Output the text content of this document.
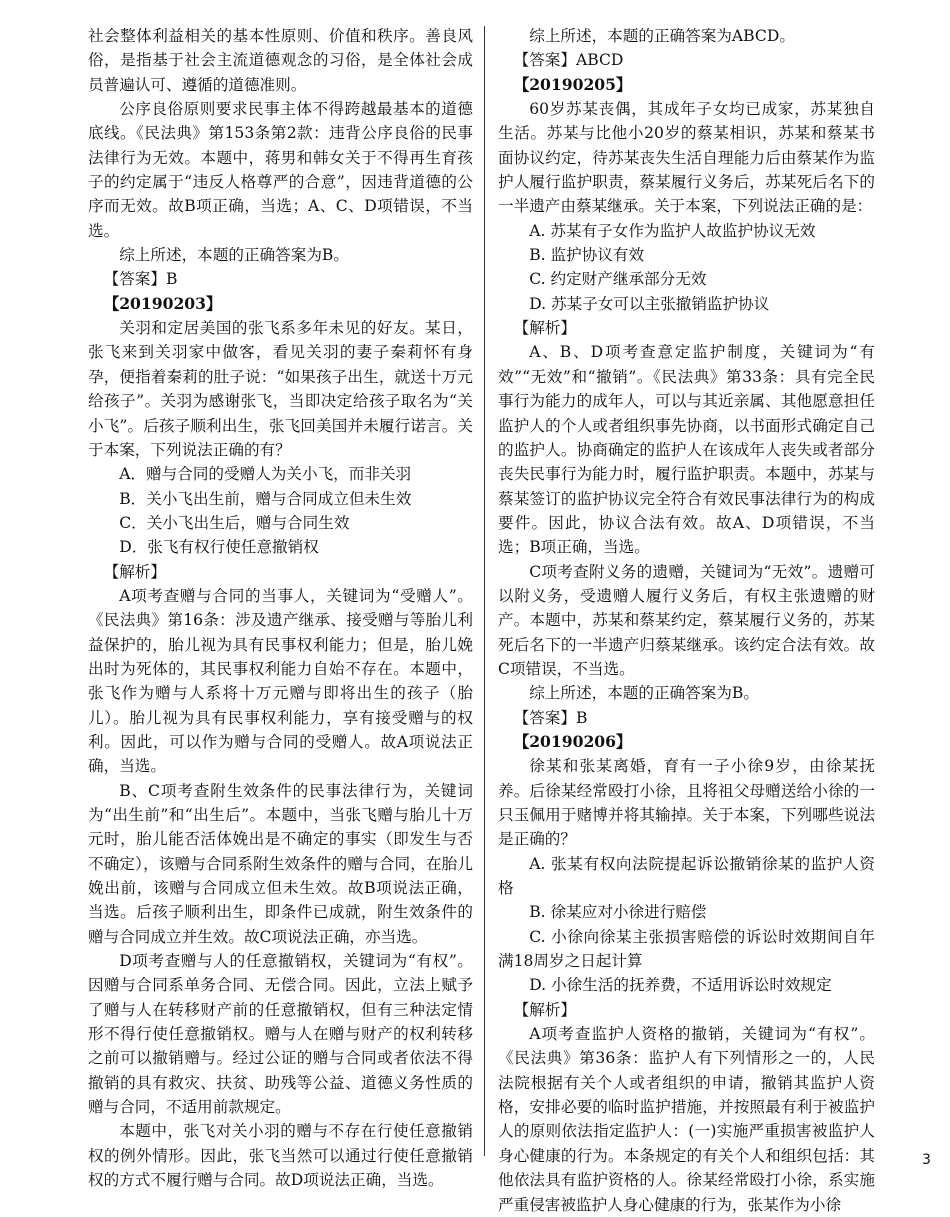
社会整体利益相关的基本性原则、价值和秩序。善良风俗，是指基于社会主流道德观念的习俗，是全体社会成员普遍认可、遵循的道德准则。

公序良俗原则要求民事主体不得跨越最基本的道德底线。《民法典》第153条第2款：违背公序良俗的民事法律行为无效。本题中，蒋男和韩女关于不得再生育孩子的约定属于“违反人格尊严的合意”，因违背道德的公序而无效。故B项正确，当选；A、C、D项错误，不当选。

综上所述，本题的正确答案为B。

【答案】B

【20190203】

关羽和定居美国的张飞系多年未见的好友。某日，张飞来到关羽家中做客，看见关羽的妻子秦莉怀有身孕，便指着秦莉的肚子说：“如果孩子出生，就送十万元给孩子”。关羽为感谢张飞，当即决定给孩子取名为“关小飞”。后孩子顺利出生，张飞回美国并未履行诺言。关于本案，下列说法正确的有？

A．赠与合同的受赠人为关小飞，而非关羽

B．关小飞出生前，赠与合同成立但未生效

C．关小飞出生后，赠与合同生效

D．张飞有权行使任意撤销权

【解析】

A项考查赠与合同的当事人，关键词为“受赠人”。《民法典》第16条：涉及遗产继承、接受赠与等胎儿利益保护的，胎儿视为具有民事权利能力；但是，胎儿娩出时为死体的，其民事权利能力自始不存在。本题中，张飞作为赠与人系将十万元赠与即将出生的孩子（胎儿）。胎儿视为具有民事权利能力，享有接受赠与的权利。因此，可以作为赠与合同的受赠人。故A项说法正确，当选。

B、C项考查附生效条件的民事法律行为，关键词为“出生前”和“出生后”。本题中，当张飞赠与胎儿十万元时，胎儿能否活体娩出是不确定的事实（即发生与否不确定），该赠与合同系附生效条件的赠与合同，在胎儿娩出前，该赠与合同成立但未生效。故B项说法正确，当选。后孩子顺利出生，即条件已成就，附生效条件的赠与合同成立并生效。故C项说法正确，亦当选。

D项考查赠与人的任意撤销权，关键词为“有权”。因赠与合同系单务合同、无偿合同。因此，立法上赋予了赠与人在转移财产前的任意撤销权，但有三种法定情形不得行使任意撤销权。赠与人在赠与财产的权利转移之前可以撤销赠与。经过公证的赠与合同或者依法不得撤销的具有救灾、扶贫、助残等公益、道德义务性质的赠与合同，不适用前款规定。

本题中，张飞对关小羽的赠与不存在行使任意撤销权的例外情形。因此，张飞当然可以通过行使任意撤销权的方式不履行赠与合同。故D项说法正确，当选。

综上所述，本题的正确答案为ABCD。

【答案】ABCD

【20190205】

60岁苏某丧偶，其成年子女均已成家，苏某独自生活。苏某与比他小20岁的蔡某相识，苏某和蔡某书面协议约定，待苏某丧失生活自理能力后由蔡某作为监护人履行监护职责，蔡某履行义务后，苏某死后名下的一半遗产由蔡某继承。关于本案，下列说法正确的是：

A. 苏某有子女作为监护人故监护协议无效

B. 监护协议有效

C. 约定财产继承部分无效

D. 苏某子女可以主张撤销监护协议

【解析】

A、B、D项考查意定监护制度，关键词为“有效”“无效”和“撤销”。《民法典》第33条：具有完全民事行为能力的成年人，可以与其近亲属、其他愿意担任监护人的个人或者组织事先协商，以书面形式确定自己的监护人。协商确定的监护人在该成年人丧失或者部分丧失民事行为能力时，履行监护职责。本题中，苏某与蔡某签订的监护协议完全符合有效民事法律行为的构成要件。因此，协议合法有效。故A、D项错误，不当选；B项正确，当选。

C项考查附义务的遗赠，关键词为“无效”。遗赠可以附义务，受遗赠人履行义务后，有权主张遗赠的财产。本题中，苏某和蔡某约定，蔡某履行义务的，苏某死后名下的一半遗产归蔡某继承。该约定合法有效。故C项错误，不当选。

综上所述，本题的正确答案为B。

【答案】B

【20190206】

徐某和张某离婚，育有一子小徐9岁，由徐某抚养。后徐某经常殴打小徐，且将祖父母赠送给小徐的一只玉佩用于赌博并将其输掉。关于本案，下列哪些说法是正确的？

A. 张某有权向法院提起诉讼撤销徐某的监护人资格

B. 徐某应对小徐进行赔偿

C. 小徐向徐某主张损害赔偿的诉讼时效期间自年满18周岁之日起计算

D. 小徐生活的抚养费，不适用诉讼时效规定

【解析】

A项考查监护人资格的撤销，关键词为“有权”。《民法典》第36条：监护人有下列情形之一的，人民法院根据有关个人或者组织的申请，撤销其监护人资格，安排必要的临时监护措施，并按照最有利于被监护人的原则依法指定监护人：(一)实施严重损害被监护人身心健康的行为。本条规定的有关个人和组织包括：其他依法具有监护资格的人。徐某经常殴打小徐，系实施严重侵害被监护人身心健康的行为，张某作为小徐

3
